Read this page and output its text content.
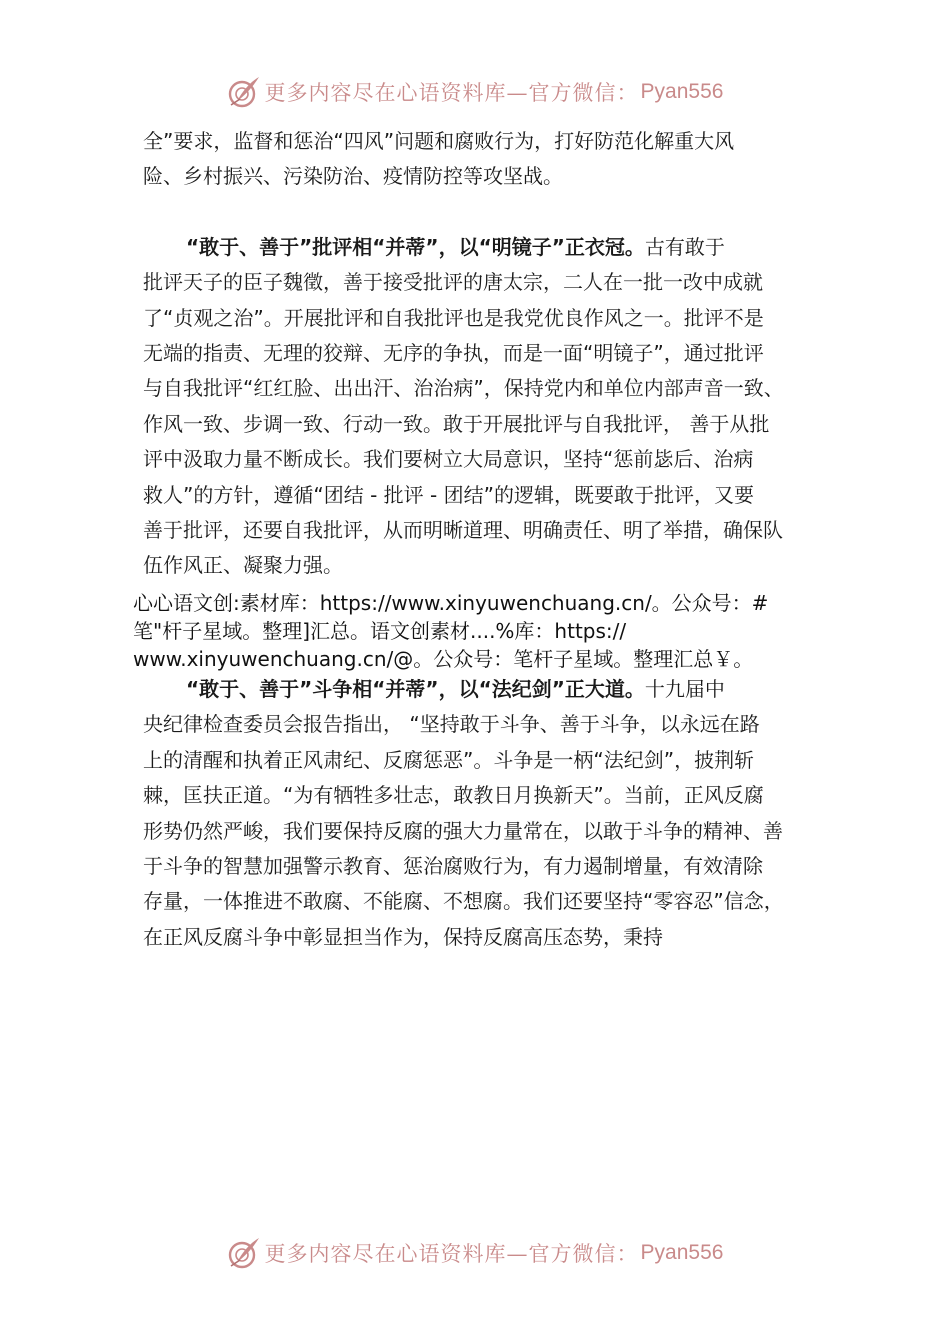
更多内容尽在心语资料库—官方微信： Pyan556
全”要求，监督和惩治“四风”问题和腐败行为，打好防范化解重大风
险、乡村振兴、污染防治、疫情防控等攻坚战。
“敢于、善于”批评相“并蒂”，以“明镜子”正衣冠。古有敢于
批评天子的臣子魏徵，善于接受批评的唐太宗，二人在一批一改中成就
了“贞观之治”。开展批评和自我批评也是我党优良作风之一。批评不是
无端的指责、无理的狡辩、无序的争执，而是一面“明镜子”，通过批评
与自我批评“红红脸、出出汗、治治病”，保持党内和单位内部声音一致、
作风一致、步调一致、行动一致。敢于开展批评与自我批评， 善于从批
评中汲取力量不断成长。我们要树立大局意识，坚持“惩前毖后、治病
救人”的方针，遵循“团结 - 批评 - 团结”的逻辑，既要敢于批评，又要
善于批评，还要自我批评，从而明晰道理、明确责任、明了举措，确保队
伍作风正、凝聚力强。
心心语文创:素材库：https://www.xinyuwenchuang.cn/。公众号：#
笔"杆子星域。整理]汇总。语文创素材....%库：https://
www.xinyuwenchuang.cn/@。公众号：笔杆子星域。整理汇总￥。
“敢于、善于”斗争相“并蒂”，以“法纪剑”正大道。十九届中
央纪律检查委员会报告指出， “坚持敢于斗争、善于斗争，以永远在路
上的清醒和执着正风肃纪、反腐惩恶”。斗争是一柄“法纪剑”，披荆斩
棘，匡扶正道。“为有牺牲多壮志，敢教日月换新天”。当前，正风反腐
形势仍然严峻，我们要保持反腐的强大力量常在，以敢于斗争的精神、善
于斗争的智慧加强警示教育、惩治腐败行为，有力遏制增量，有效清除
存量，一体推进不敢腐、不能腐、不想腐。我们还要坚持“零容忍”信念，
在正风反腐斗争中彰显担当作为，保持反腐高压态势，秉持
更多内容尽在心语资料库—官方微信： Pyan556
